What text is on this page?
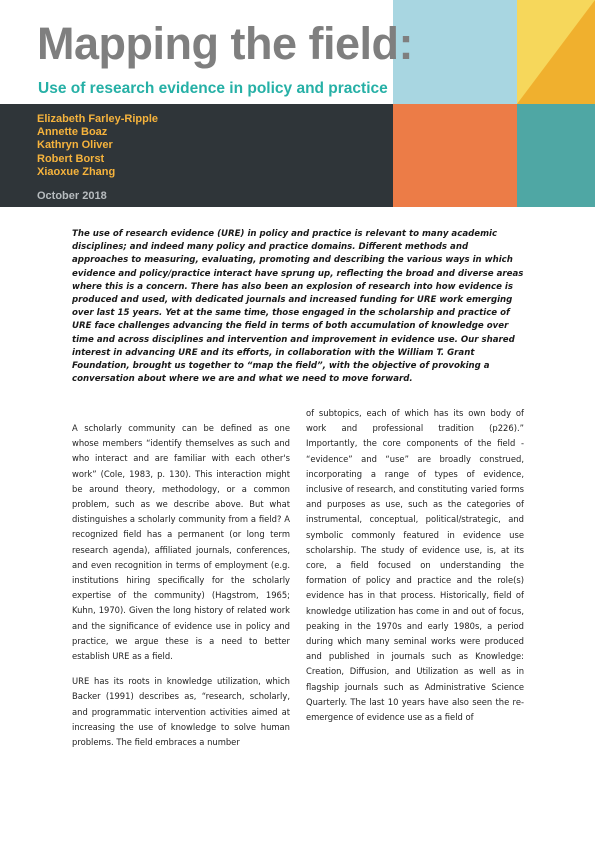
Mapping the field:
Use of research evidence in policy and practice
Elizabeth Farley-Ripple
Annette Boaz
Kathryn Oliver
Robert Borst
Xiaoxue Zhang
October 2018
The use of research evidence (URE) in policy and practice is relevant to many academic disciplines; and indeed many policy and practice domains. Different methods and approaches to measuring, evaluating, promoting and describing the various ways in which evidence and policy/practice interact have sprung up, reflecting the broad and diverse areas where this is a concern. There has also been an explosion of research into how evidence is produced and used, with dedicated journals and increased funding for URE work emerging over last 15 years. Yet at the same time, those engaged in the scholarship and practice of URE face challenges advancing the field in terms of both accumulation of knowledge over time and across disciplines and intervention and improvement in evidence use. Our shared interest in advancing URE and its efforts, in collaboration with the William T. Grant Foundation, brought us together to “map the field”, with the objective of provoking a conversation about where we are and what we need to move forward.

A scholarly community can be defined as one whose members “identify themselves as such and who interact and are familiar with each other's work” (Cole, 1983, p. 130). This interaction might be around theory, methodology, or a common problem, such as we describe above. But what distinguishes a scholarly community from a field? A recognized field has a permanent (or long term research agenda), affiliated journals, conferences, and even recognition in terms of employment (e.g. institutions hiring specifically for the scholarly expertise of the community) (Hagstrom, 1965; Kuhn, 1970). Given the long history of related work and the significance of evidence use in policy and practice, we argue these is a need to better establish URE as a field.

URE has its roots in knowledge utilization, which Backer (1991) describes as, “research, scholarly, and programmatic intervention activities aimed at increasing the use of knowledge to solve human problems. The field embraces a number

of subtopics, each of which has its own body of work and professional tradition (p226).” Importantly, the core components of the field - “evidence” and “use” are broadly construed, incorporating a range of types of evidence, inclusive of research, and constituting varied forms and purposes as use, such as the categories of instrumental, conceptual, political/strategic, and symbolic commonly featured in evidence use scholarship. The study of evidence use, is, at its core, a field focused on understanding the formation of policy and practice and the role(s) evidence has in that process. Historically, field of knowledge utilization has come in and out of focus, peaking in the 1970s and early 1980s, a period during which many seminal works were produced and published in journals such as Knowledge: Creation, Diffusion, and Utilization as well as in flagship journals such as Administrative Science Quarterly. The last 10 years have also seen the re-emergence of evidence use as a field of
